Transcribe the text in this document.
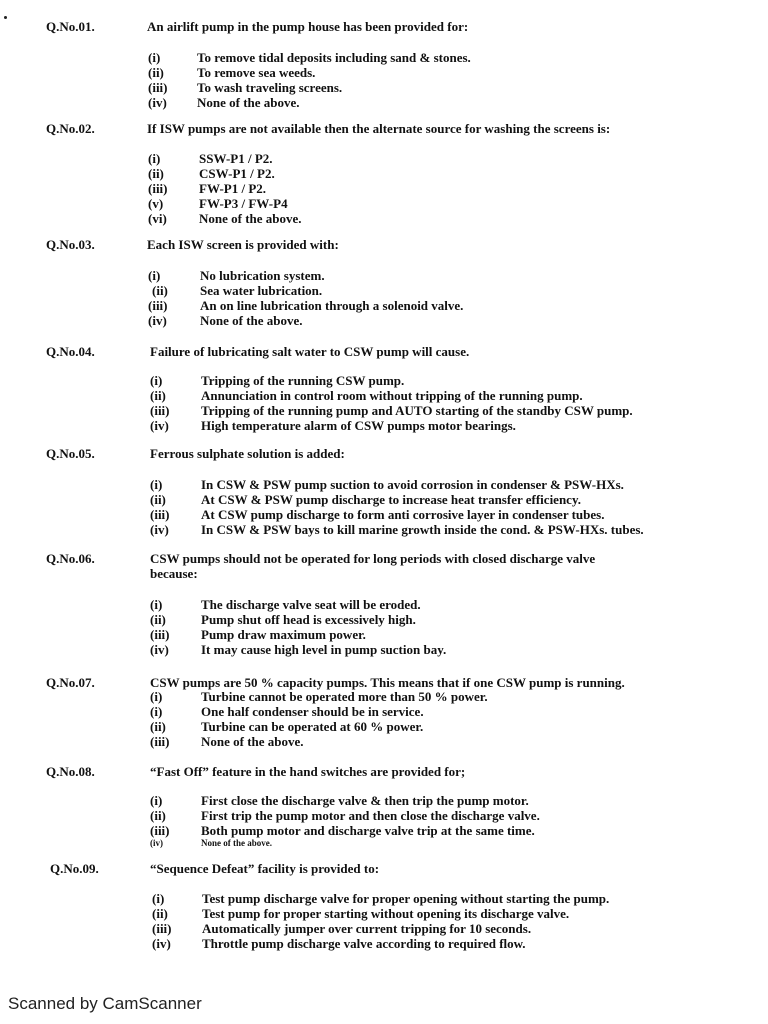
Q.No.01.	An airlift pump in the pump house has been provided for:
(i)	To remove tidal deposits including sand & stones.
(ii)	To remove sea weeds.
(iii) To wash traveling screens.
(iv) None of the above.
Q.No.02.	If ISW pumps are not available then the alternate source for washing the screens is:
(i)	SSW-P1 / P2.
(ii)	CSW-P1 / P2.
(iii) FW-P1 / P2.
(v)	FW-P3 / FW-P4
(vi) None of the above.
Q.No.03.	Each ISW screen is provided with:
(i)	No lubrication system.
(ii) Sea water lubrication.
(iii)	An on line lubrication through a solenoid valve.
(iv)	None of the above.
Q.No.04.	Failure of lubricating salt water to CSW pump will cause.
(i)	Tripping of the running CSW pump.
(ii)	Annunciation in control room without tripping of the running pump.
(iii) Tripping of the running pump and AUTO starting of the standby CSW pump.
(iv) High temperature alarm of CSW pumps motor bearings.
Q.No.05.	Ferrous sulphate solution is added:
(i)	In CSW & PSW pump suction to avoid corrosion in condenser & PSW-HXs.
(ii)	At CSW & PSW pump discharge to increase heat transfer efficiency.
(iii) At CSW pump discharge to form anti corrosive layer in condenser tubes.
(iv) In CSW & PSW bays to kill marine growth inside the cond. & PSW-HXs. tubes.
Q.No.06.	CSW pumps should not be operated for long periods with closed discharge valve because:
(i)	The discharge valve seat will be eroded.
(ii)	Pump shut off head is excessively high.
(iii) Pump draw maximum power.
(iv) It may cause high level in pump suction bay.
Q.No.07.	CSW pumps are 50 % capacity pumps. This means that if one CSW pump is running.
(i)	Turbine cannot be operated more than 50 % power.
(i)	One half condenser should be in service.
(ii)	Turbine can be operated at 60 % power.
(iii) None of the above.
Q.No.08.	“Fast Off” feature in the hand switches are provided for;
(i)	First close the discharge valve & then trip the pump motor.
(ii)	First trip the pump motor and then close the discharge valve.
(iii) Both pump motor and discharge valve trip at the same time.
(iv)	None of the above.
Q.No.09.	“Sequence Defeat” facility is provided to:
(i)	Test pump discharge valve for proper opening without starting the pump.
(ii)	Test pump for proper starting without opening its discharge valve.
(iii) Automatically jumper over current tripping for 10 seconds.
(iv) Throttle pump discharge valve according to required flow.
Scanned by CamScanner
